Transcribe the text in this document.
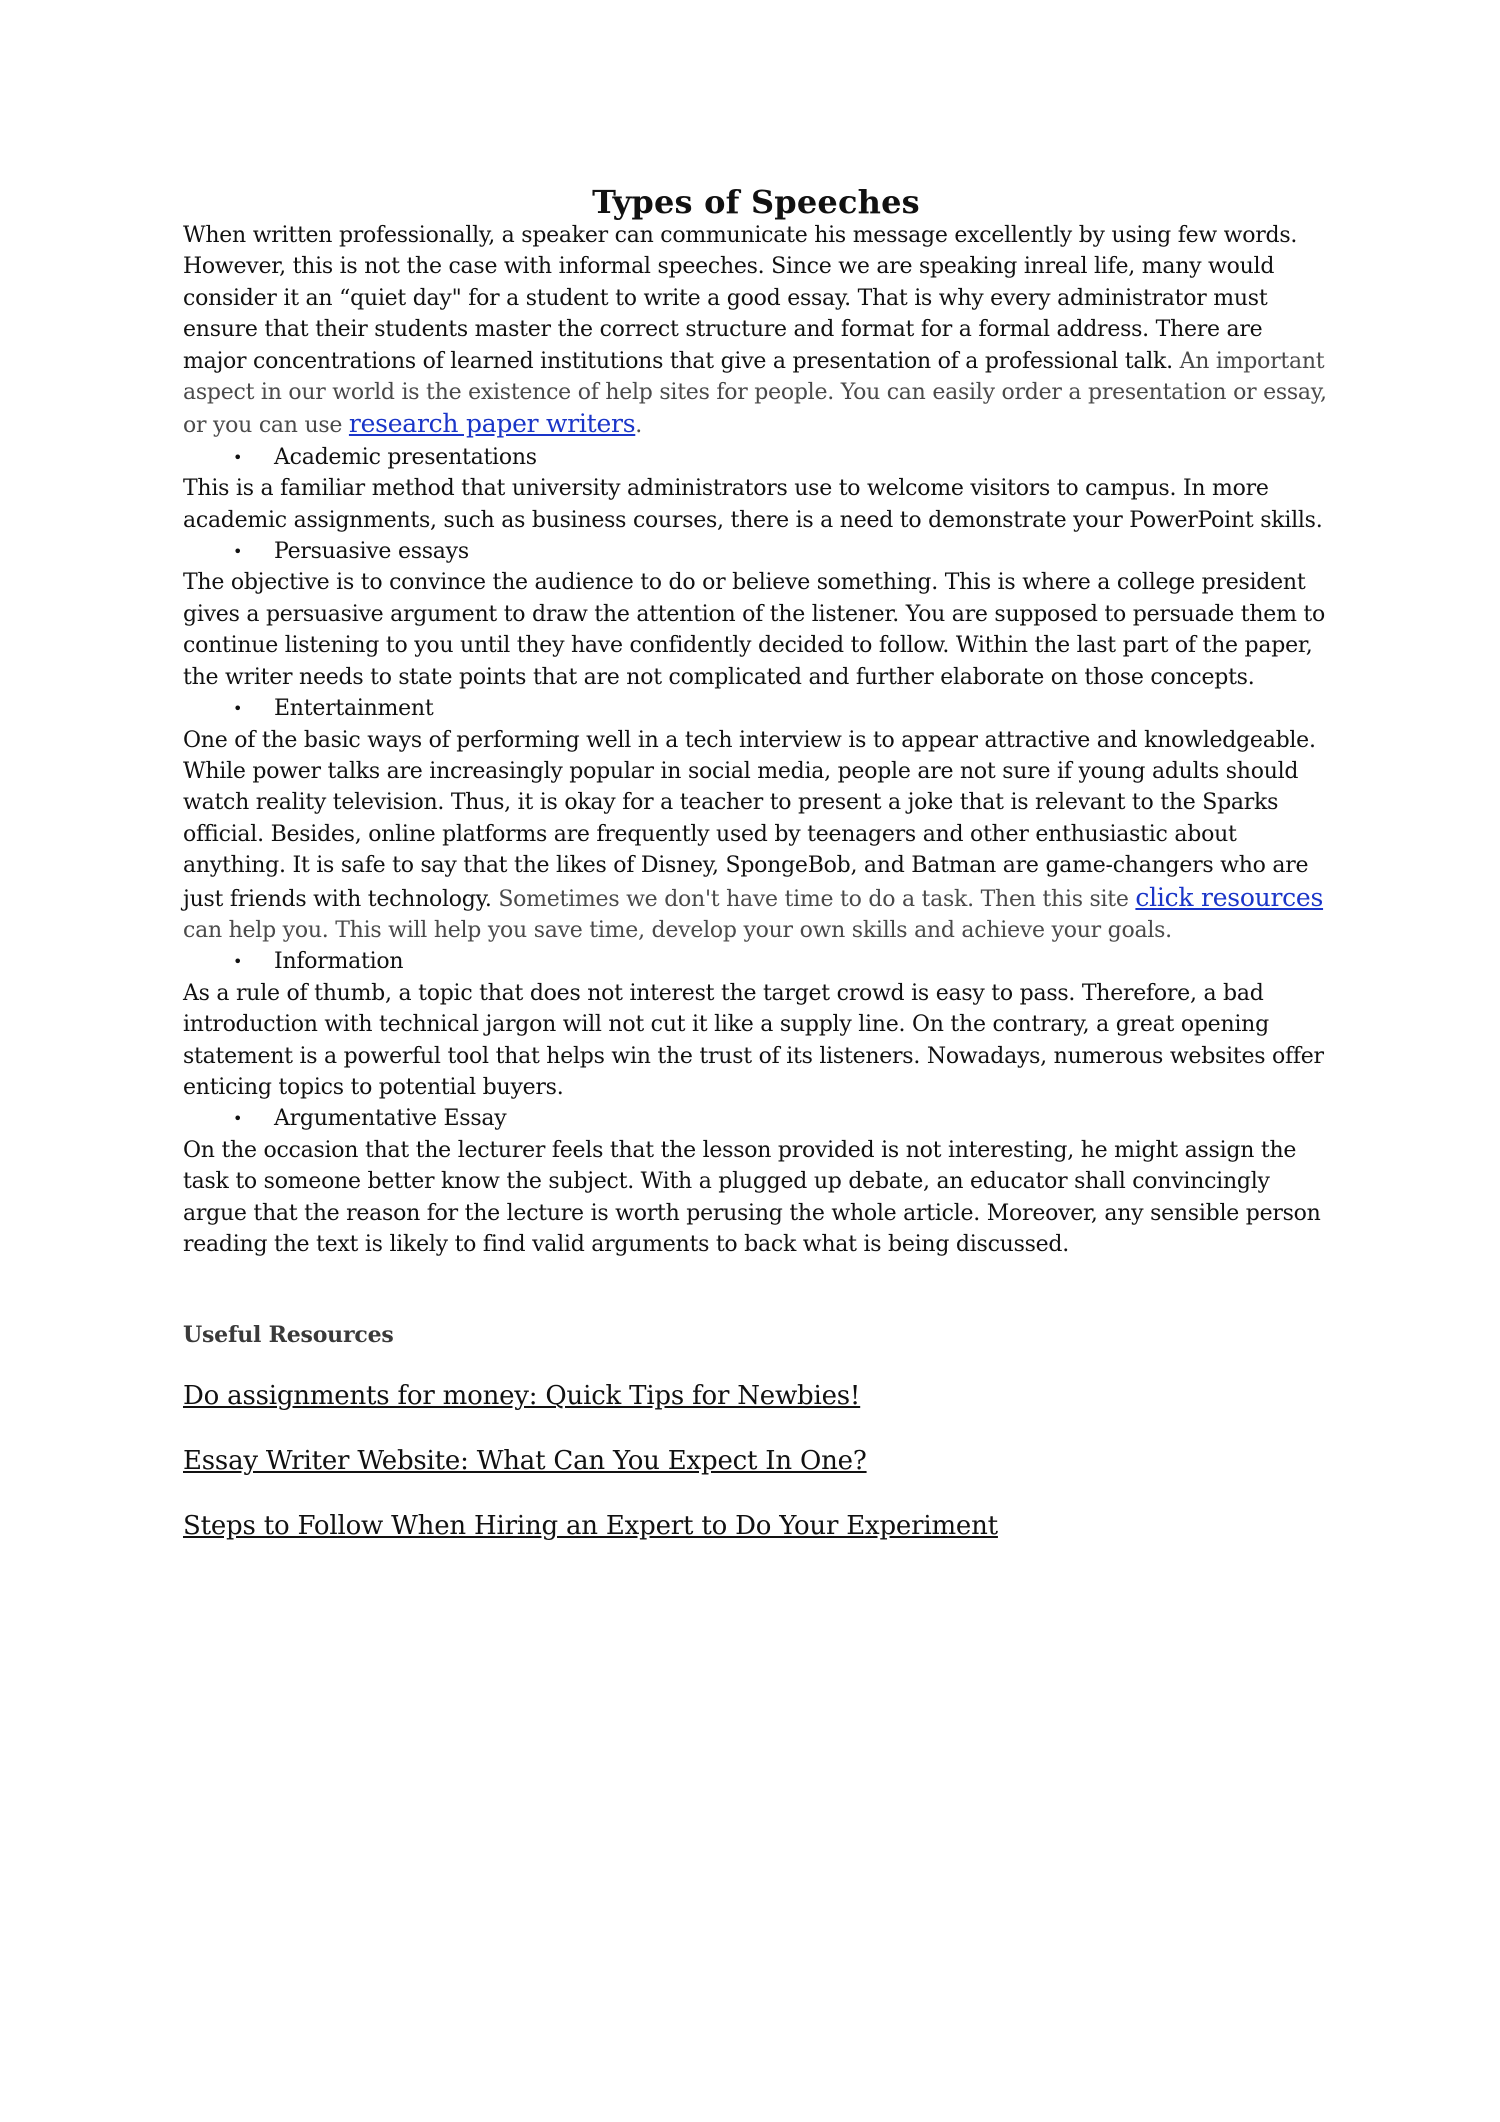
Types of Speeches

When written professionally, a speaker can communicate his message excellently by using few words. However, this is not the case with informal speeches. Since we are speaking inreal life, many would consider it an “quiet day" for a student to write a good essay. That is why every administrator must ensure that their students master the correct structure and format for a formal address. There are major concentrations of learned institutions that give a presentation of a professional talk. An important aspect in our world is the existence of help sites for people. You can easily order a presentation or essay, or you can use research paper writers.

• Academic presentations

This is a familiar method that university administrators use to welcome visitors to campus. In more academic assignments, such as business courses, there is a need to demonstrate your PowerPoint skills.

• Persuasive essays

The objective is to convince the audience to do or believe something. This is where a college president gives a persuasive argument to draw the attention of the listener. You are supposed to persuade them to continue listening to you until they have confidently decided to follow. Within the last part of the paper, the writer needs to state points that are not complicated and further elaborate on those concepts.

• Entertainment

One of the basic ways of performing well in a tech interview is to appear attractive and knowledgeable. While power talks are increasingly popular in social media, people are not sure if young adults should watch reality television. Thus, it is okay for a teacher to present a joke that is relevant to the Sparks official. Besides, online platforms are frequently used by teenagers and other enthusiastic about anything. It is safe to say that the likes of Disney, SpongeBob, and Batman are game-changers who are just friends with technology. Sometimes we don't have time to do a task. Then this site click resources can help you. This will help you save time, develop your own skills and achieve your goals.

• Information

As a rule of thumb, a topic that does not interest the target crowd is easy to pass. Therefore, a bad introduction with technical jargon will not cut it like a supply line. On the contrary, a great opening statement is a powerful tool that helps win the trust of its listeners. Nowadays, numerous websites offer enticing topics to potential buyers.

• Argumentative Essay

On the occasion that the lecturer feels that the lesson provided is not interesting, he might assign the task to someone better know the subject. With a plugged up debate, an educator shall convincingly argue that the reason for the lecture is worth perusing the whole article. Moreover, any sensible person reading the text is likely to find valid arguments to back what is being discussed.

Useful Resources

Do assignments for money: Quick Tips for Newbies!
Essay Writer Website: What Can You Expect In One?
Steps to Follow When Hiring an Expert to Do Your Experiment
